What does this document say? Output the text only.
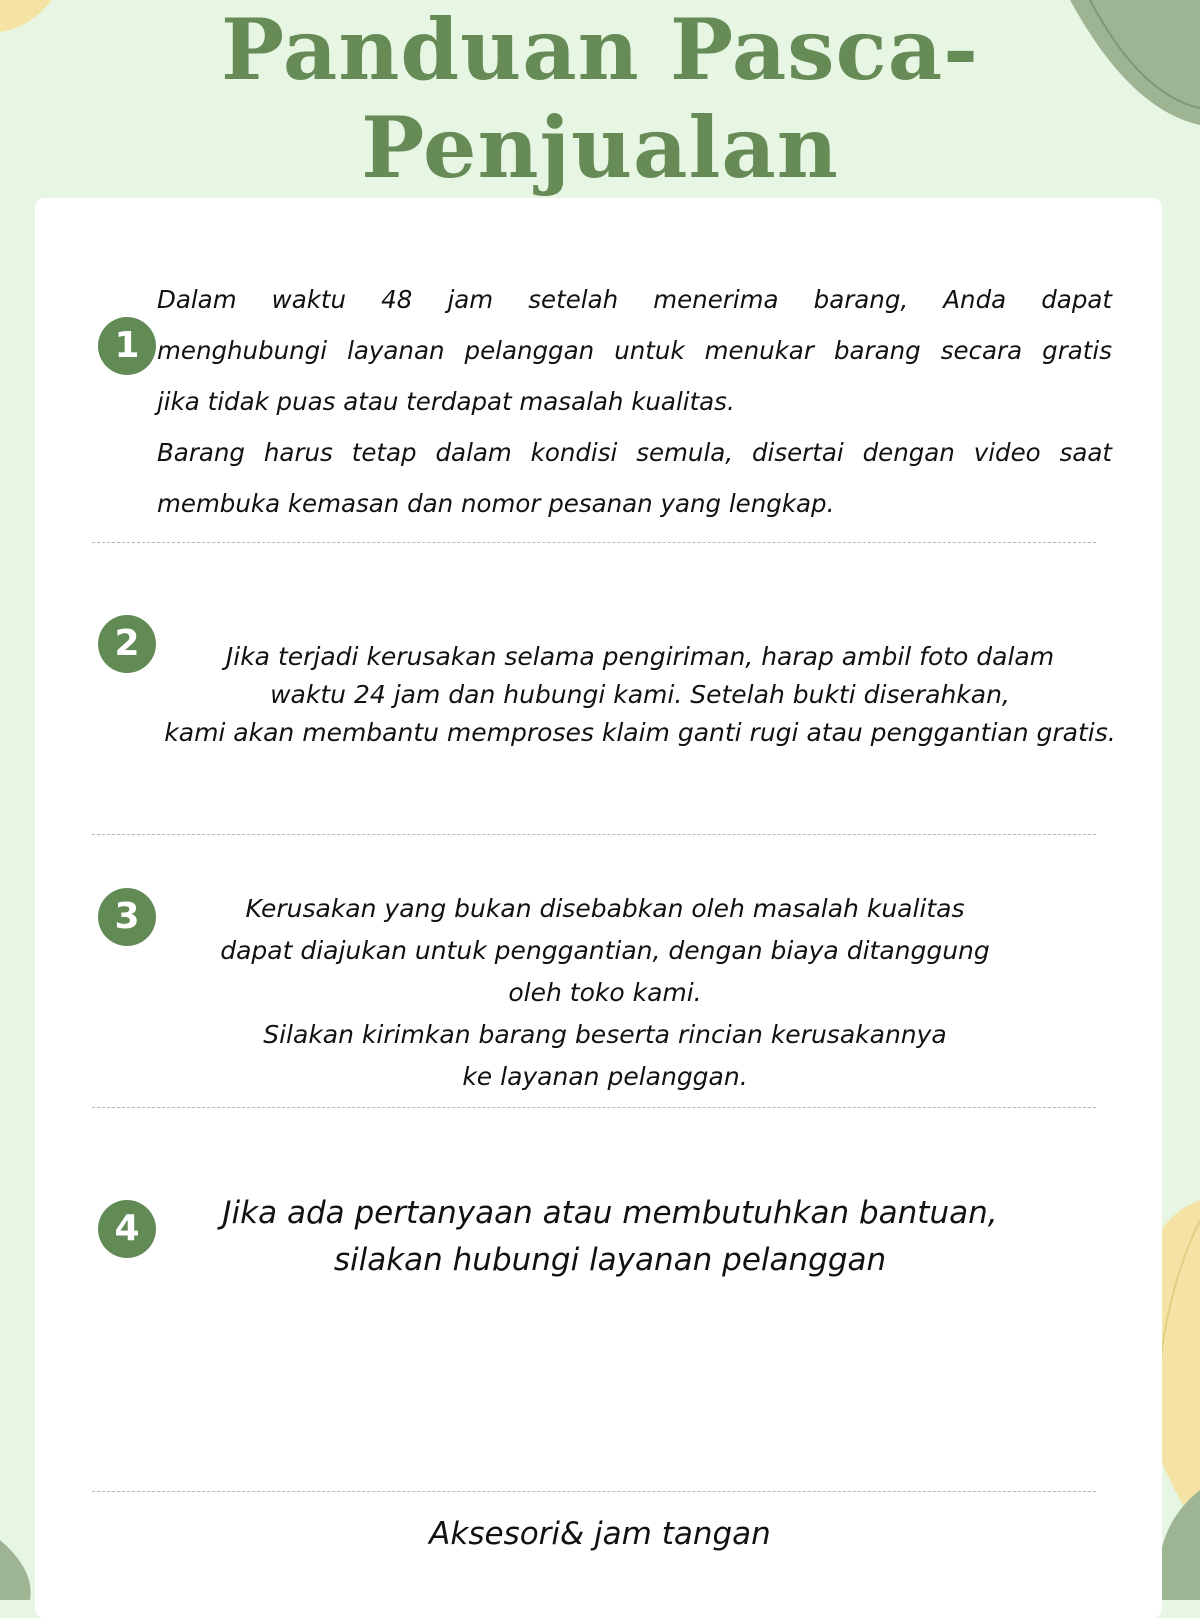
Panduan Pasca-
Penjualan
1
Dalam waktu 48 jam setelah menerima barang, Anda dapat
menghubungi layanan pelanggan untuk menukar barang secara gratis
jika tidak puas atau terdapat masalah kualitas.
Barang harus tetap dalam kondisi semula, disertai dengan video saat
membuka kemasan dan nomor pesanan yang lengkap.
2	Jika terjadi kerusakan selama pengiriman, harap ambil foto dalam
waktu 24 jam dan hubungi kami. Setelah bukti diserahkan,
kami akan membantu memproses klaim ganti rugi atau penggantian gratis.
3	Kerusakan yang bukan disebabkan oleh masalah kualitas
dapat diajukan untuk penggantian, dengan biaya ditanggung
oleh toko kami.
Silakan kirimkan barang beserta rincian kerusakannya
ke layanan pelanggan.
4	Jika ada pertanyaan atau membutuhkan bantuan,
silakan hubungi layanan pelanggan
Aksesori& jam tangan
